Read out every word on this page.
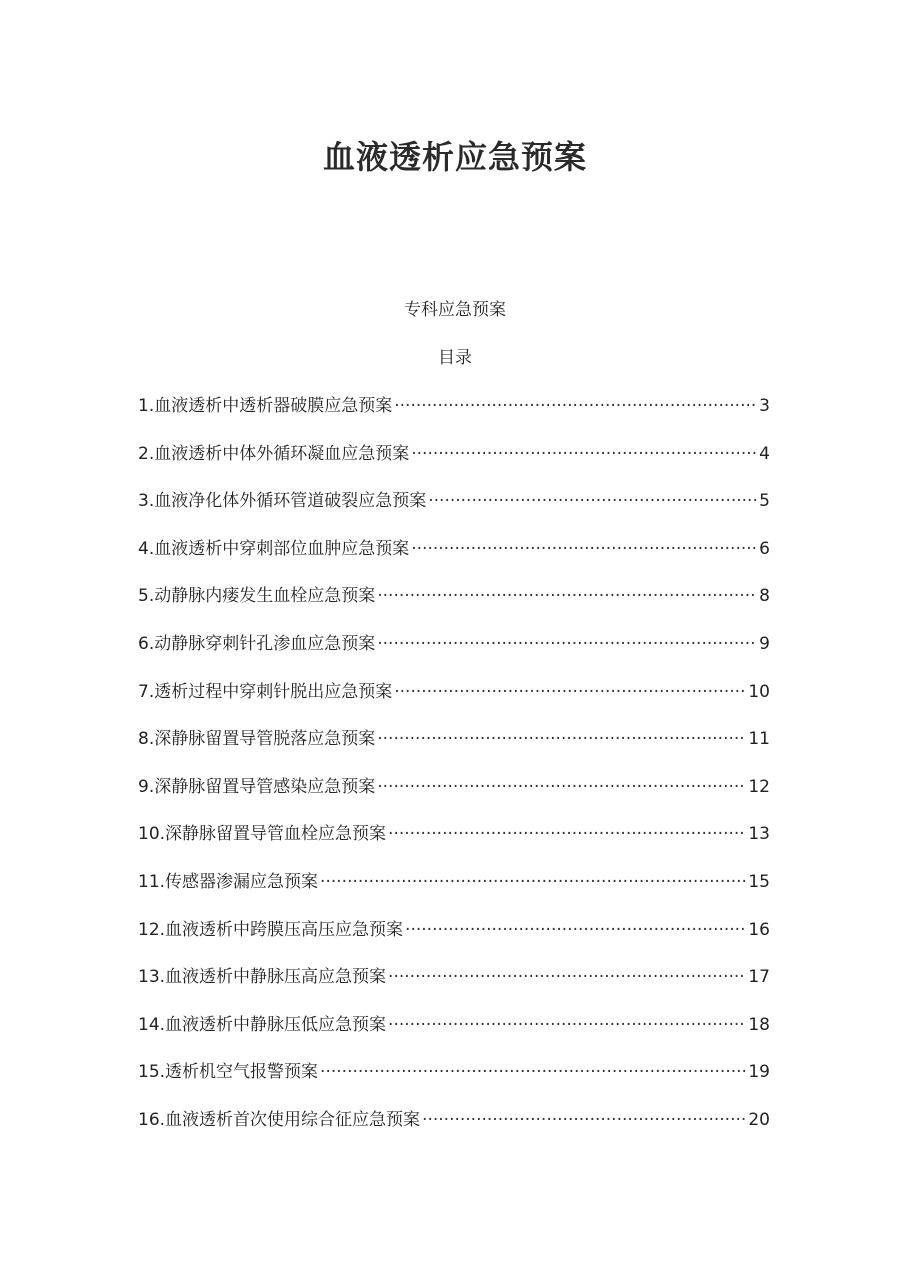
血液透析应急预案
专科应急预案
目录
1.血液透析中透析器破膜应急预案 ·····	3
2.血液透析中体外循环凝血应急预案 ·····	4
3.血液净化体外循环管道破裂应急预案 ·····	5
4.血液透析中穿刺部位血肿应急预案 ·····	6
5.动静脉内瘘发生血栓应急预案 ·····	8
6.动静脉穿刺针孔渗血应急预案 ·····	9
7.透析过程中穿刺针脱出应急预案 ·····	10
8.深静脉留置导管脱落应急预案 ·····	11
9.深静脉留置导管感染应急预案 ·····	12
10.深静脉留置导管血栓应急预案 ·····	13
11.传感器渗漏应急预案 ·····	15
12.血液透析中跨膜压高压应急预案 ·····	16
13.血液透析中静脉压高应急预案 ·····	17
14.血液透析中静脉压低应急预案 ·····	18
15.透析机空气报警预案 ·····	19
16.血液透析首次使用综合征应急预案 ·····	20
